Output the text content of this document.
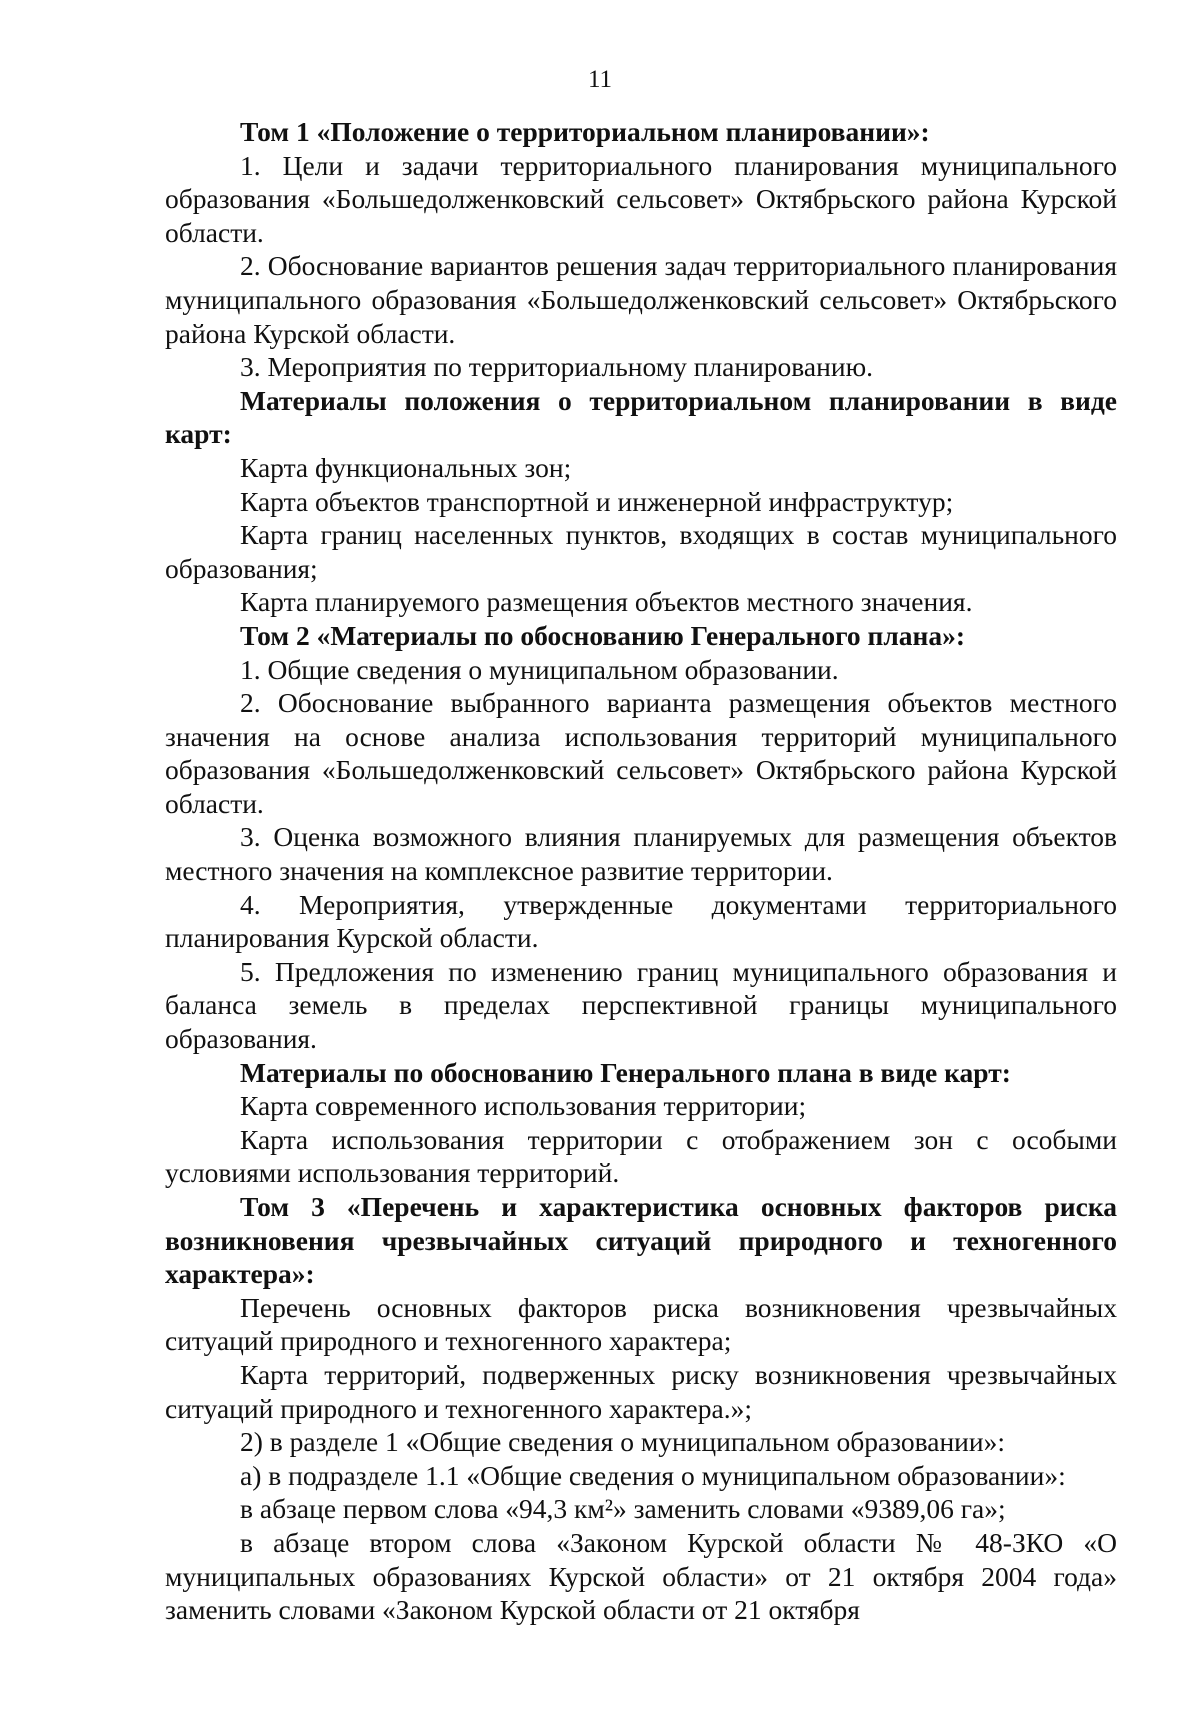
11

Том 1 «Положение о территориальном планировании»:

1. Цели и задачи территориального планирования муниципального образования «Большедолженковский сельсовет» Октябрьского района Курской области.

2. Обоснование вариантов решения задач территориального планирования муниципального образования «Большедолженковский сельсовет» Октябрьского района Курской области.

3. Мероприятия по территориальному планированию.

Материалы положения о территориальном планировании в виде карт:

Карта функциональных зон;

Карта объектов транспортной и инженерной инфраструктур;

Карта границ населенных пунктов, входящих в состав муниципального образования;

Карта планируемого размещения объектов местного значения.

Том 2 «Материалы по обоснованию Генерального плана»:

1. Общие сведения о муниципальном образовании.

2. Обоснование выбранного варианта размещения объектов местного значения на основе анализа использования территорий муниципального образования «Большедолженковский сельсовет» Октябрьского района Курской области.

3. Оценка возможного влияния планируемых для размещения объектов местного значения на комплексное развитие территории.

4. Мероприятия, утвержденные документами территориального планирования Курской области.

5. Предложения по изменению границ муниципального образования и баланса земель в пределах перспективной границы муниципального образования.

Материалы по обоснованию Генерального плана в виде карт:

Карта современного использования территории;

Карта использования территории с отображением зон с особыми условиями использования территорий.

Том 3 «Перечень и характеристика основных факторов риска возникновения чрезвычайных ситуаций природного и техногенного характера»:

Перечень основных факторов риска возникновения чрезвычайных ситуаций природного и техногенного характера;

Карта территорий, подверженных риску возникновения чрезвычайных ситуаций природного и техногенного характера.»;

2) в разделе 1 «Общие сведения о муниципальном образовании»:

а) в подразделе 1.1 «Общие сведения о муниципальном образовании»:

в абзаце первом слова «94,3 км²» заменить словами «9389,06 га»;

в абзаце втором слова «Законом Курской области № 48-ЗКО «О муниципальных образованиях Курской области» от 21 октября 2004 года» заменить словами «Законом Курской области от 21 октября
